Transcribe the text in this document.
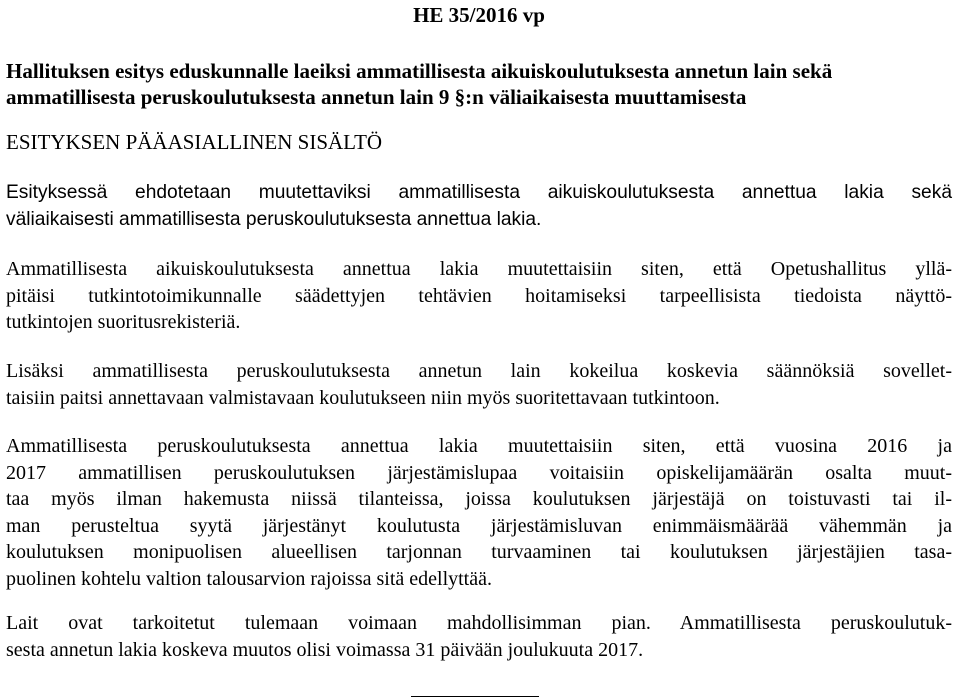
HE 35/2016 vp
Hallituksen esitys eduskunnalle laeiksi ammatillisesta aikuiskoulutuksesta annetun lain sekä
ammatillisesta peruskoulutuksesta annetun lain 9 §:n väliaikaisesta muuttamisesta
ESITYKSEN PÄÄASIALLINEN SISÄLTÖ

Esityksessä ehdotetaan muutettaviksi ammatillisesta aikuiskoulutuksesta annettua lakia sekä
väliaikaisesti ammatillisesta peruskoulutuksesta annettua lakia.

Ammatillisesta aikuiskoulutuksesta annettua lakia muutettaisiin siten, että Opetushallitus yllä-
pitäisi tutkintotoimikunnalle säädettyjen tehtävien hoitamiseksi tarpeellisista tiedoista näyttö-
tutkintojen suoritusrekisteriä.

Lisäksi ammatillisesta peruskoulutuksesta annetun lain kokeilua koskevia säännöksiä sovellet-
taisiin paitsi annettavaan valmistavaan koulutukseen niin myös suoritettavaan tutkintoon.

Ammatillisesta peruskoulutuksesta annettua lakia muutettaisiin siten, että vuosina 2016 ja
2017 ammatillisen peruskoulutuksen järjestämislupaa voitaisiin opiskelijamäärän osalta muut-
taa myös ilman hakemusta niissä tilanteissa, joissa koulutuksen järjestäjä on toistuvasti tai il-
man perusteltua syytä järjestänyt koulutusta järjestämisluvan enimmäismäärää vähemmän ja
koulutuksen monipuolisen alueellisen tarjonnan turvaaminen tai koulutuksen järjestäjien tasa-
puolinen kohtelu valtion talousarvion rajoissa sitä edellyttää.

Lait ovat tarkoitetut tulemaan voimaan mahdollisimman pian. Ammatillisesta peruskoulutuk-
sesta annetun lakia koskeva muutos olisi voimassa 31 päivään joulukuuta 2017.
